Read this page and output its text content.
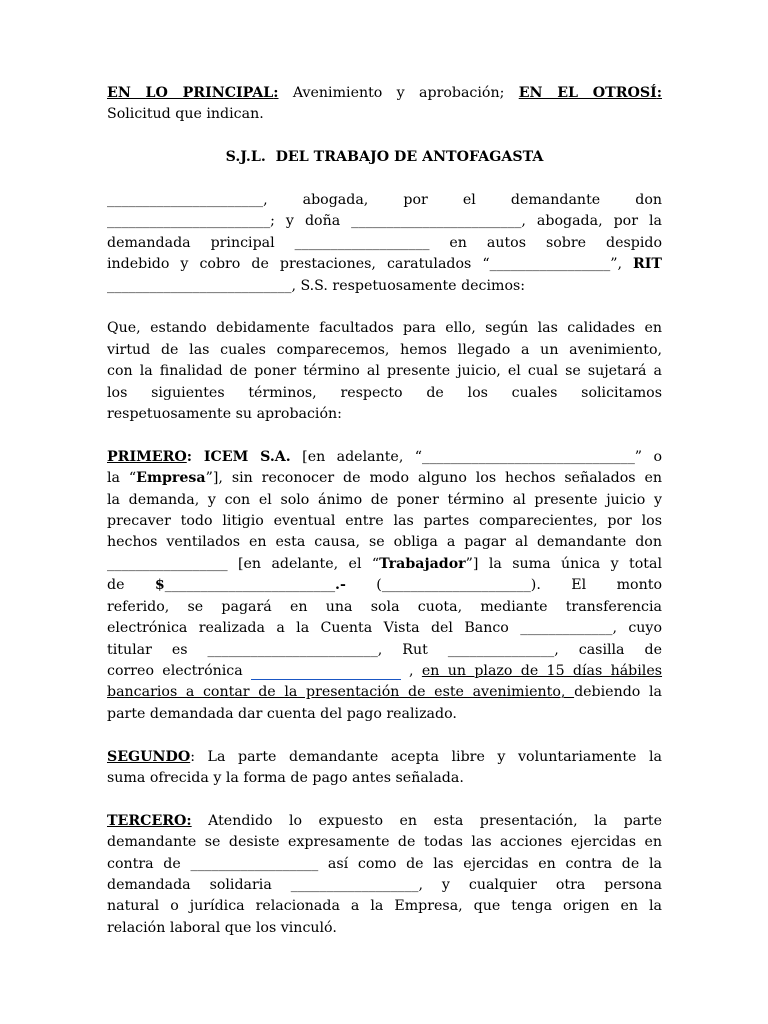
EN LO PRINCIPAL: Avenimiento y aprobación; EN EL OTROSÍ:
Solicitud que indican.
S.J.L.  DEL TRABAJO DE ANTOFAGASTA
______________________, abogada, por el demandante don
_______________________; y doña ________________________, abogada, por la
demandada principal ___________________ en autos sobre despido
indebido y cobro de prestaciones, caratulados “_________________”, RIT
__________________________, S.S. respetuosamente decimos:
Que, estando debidamente facultados para ello, según las calidades en
virtud de las cuales comparecemos, hemos llegado a un avenimiento,
con la finalidad de poner término al presente juicio, el cual se sujetará a
los siguientes términos, respecto de los cuales solicitamos
respetuosamente su aprobación:
PRIMERO: ICEM S.A. [en adelante, “______________________________” o
la “Empresa”], sin reconocer de modo alguno los hechos señalados en
la demanda, y con el solo ánimo de poner término al presente juicio y
precaver todo litigio eventual entre las partes comparecientes, por los
hechos ventilados en esta causa, se obliga a pagar al demandante don
_________________ [en adelante, el “Trabajador”] la suma única y total
de $________________________.- (_____________________). El monto
referido, se pagará en una sola cuota, mediante transferencia
electrónica realizada a la Cuenta Vista del Banco _____________, cuyo
titular es ________________________, Rut _______________, casilla de
correo electrónica	, en un plazo de 15 días hábiles
bancarios a contar de la presentación de este avenimiento, debiendo la
parte demandada dar cuenta del pago realizado.
SEGUNDO: La parte demandante acepta libre y voluntariamente la
suma ofrecida y la forma de pago antes señalada.
TERCERO: Atendido lo expuesto en esta presentación, la parte
demandante se desiste expresamente de todas las acciones ejercidas en
contra de __________________ así como de las ejercidas en contra de la
demandada solidaria __________________, y cualquier otra persona
natural o jurídica relacionada a la Empresa, que tenga origen en la
relación laboral que los vinculó.
